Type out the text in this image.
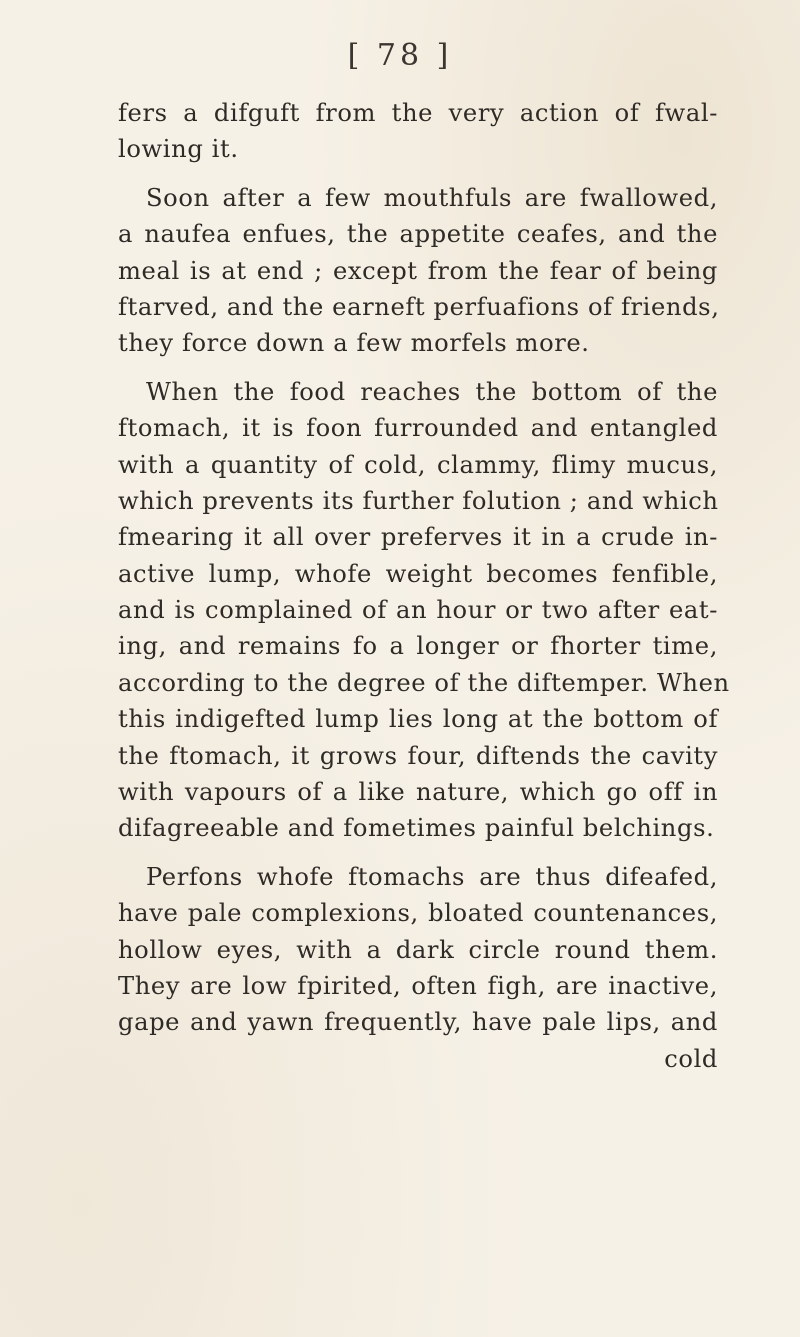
[ 78 ]
fers a difguft from the very action of fwal-
lowing it.
Soon after a few mouthfuls are fwallowed,
a naufea enfues, the appetite ceafes, and the
meal is at end ; except from the fear of being
ftarved, and the earneft perfuafions of friends,
they force down a few morfels more.
When the food reaches the bottom of the
ftomach, it is foon furrounded and entangled
with a quantity of cold, clammy, flimy mucus,
which prevents its further folution ; and which
fmearing it all over preferves it in a crude in-
active lump, whofe weight becomes fenfible,
and is complained of an hour or two after eat-
ing, and remains fo a longer or fhorter time,
according to the degree of the diftemper. When
this indigefted lump lies long at the bottom of
the ftomach, it grows four, diftends the cavity
with vapours of a like nature, which go off in
difagreeable and fometimes painful belchings.
Perfons whofe ftomachs are thus difeafed,
have pale complexions, bloated countenances,
hollow eyes, with a dark circle round them.
They are low fpirited, often figh, are inactive,
gape and yawn frequently, have pale lips, and
cold
